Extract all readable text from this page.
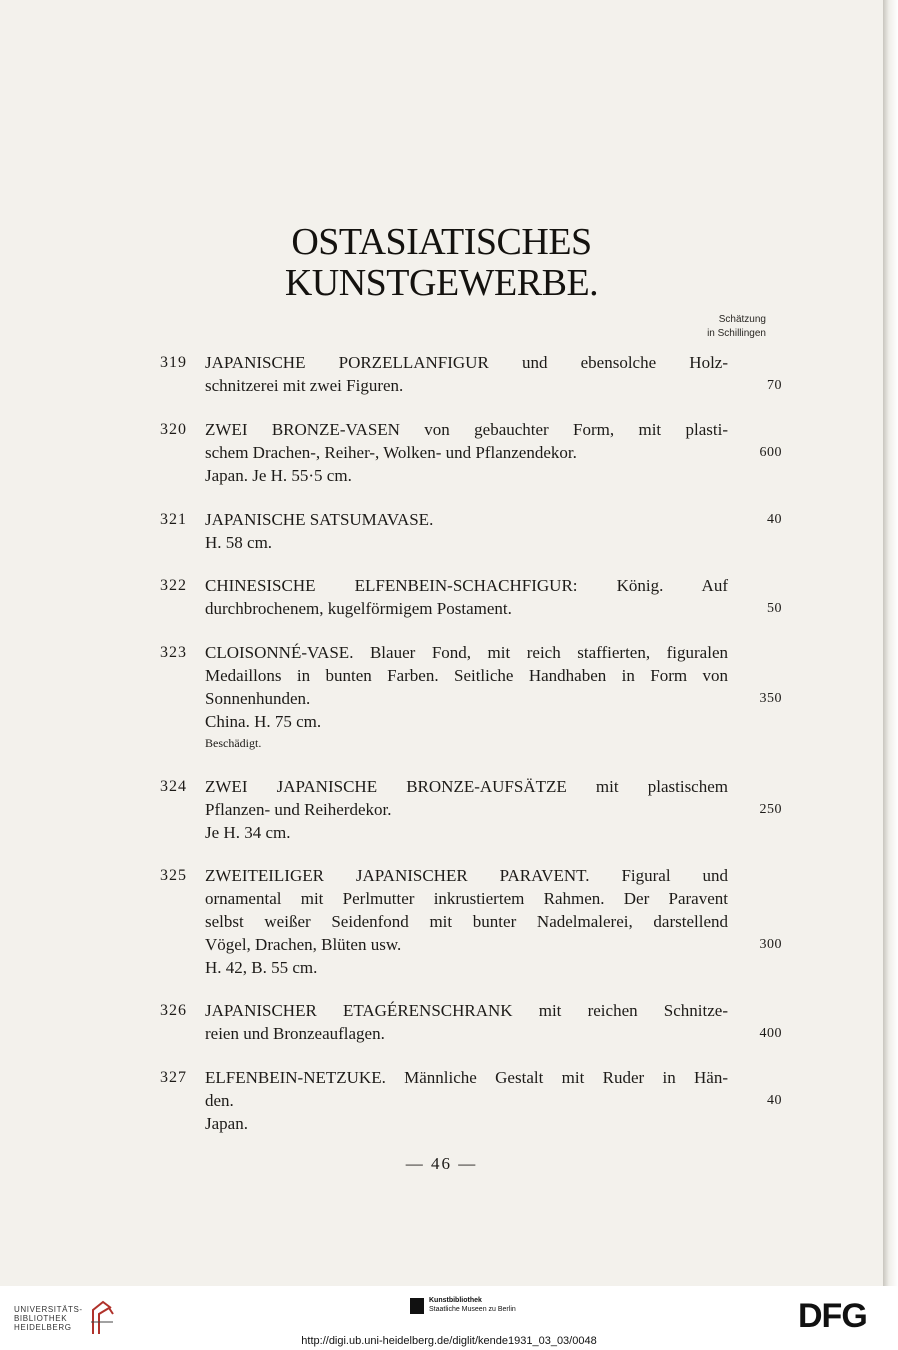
OSTASIATISCHES
KUNSTGEWERBE.
Schätzung
in Schillingen
319 JAPANISCHE PORZELLANFIGUR und ebensolche Holz-
schnitzerei mit zwei Figuren.	70
320 ZWEI BRONZE-VASEN von gebauchter Form, mit plasti-
schem Drachen-, Reiher-, Wolken- und Pflanzendekor.
Japan. Je H. 55·5 cm.
600
321 JAPANISCHE SATSUMAVASE.
H. 58 cm.
40
322 CHINESISCHE ELFENBEIN-SCHACHFIGUR: König. Auf
durchbrochenem, kugelförmigem Postament.	50
323 CLOISONNÉ-VASE. Blauer Fond, mit reich staffierten, figuralen
Medaillons in bunten Farben. Seitliche Handhaben in Form von
Sonnenhunden.
China. H. 75 cm.
Beschädigt.
350
324 ZWEI JAPANISCHE BRONZE-AUFSÄTZE mit plastischem
Pflanzen- und Reiherdekor.
Je H. 34 cm.
250
325 ZWEITEILIGER JAPANISCHER PARAVENT. Figural und
ornamental mit Perlmutter inkrustiertem Rahmen. Der Paravent
selbst weißer Seidenfond mit bunter Nadelmalerei, darstellend
Vögel, Drachen, Blüten usw.
H. 42, B. 55 cm.
300
326 JAPANISCHER ETAGÉRENSCHRANK mit reichen Schnitze-
reien und Bronzeauflagen.	400
327 ELFENBEIN-NETZUKE. Männliche Gestalt mit Ruder in Hän-
den.
Japan.
40
— 46 —
UNIVERSITÄTS-
BIBLIOTHEK
HEIDELBERG
Kunstbibliothek
Staatliche Museen zu Berlin	DFG
http://digi.ub.uni-heidelberg.de/diglit/kende1931_03_03/0048
